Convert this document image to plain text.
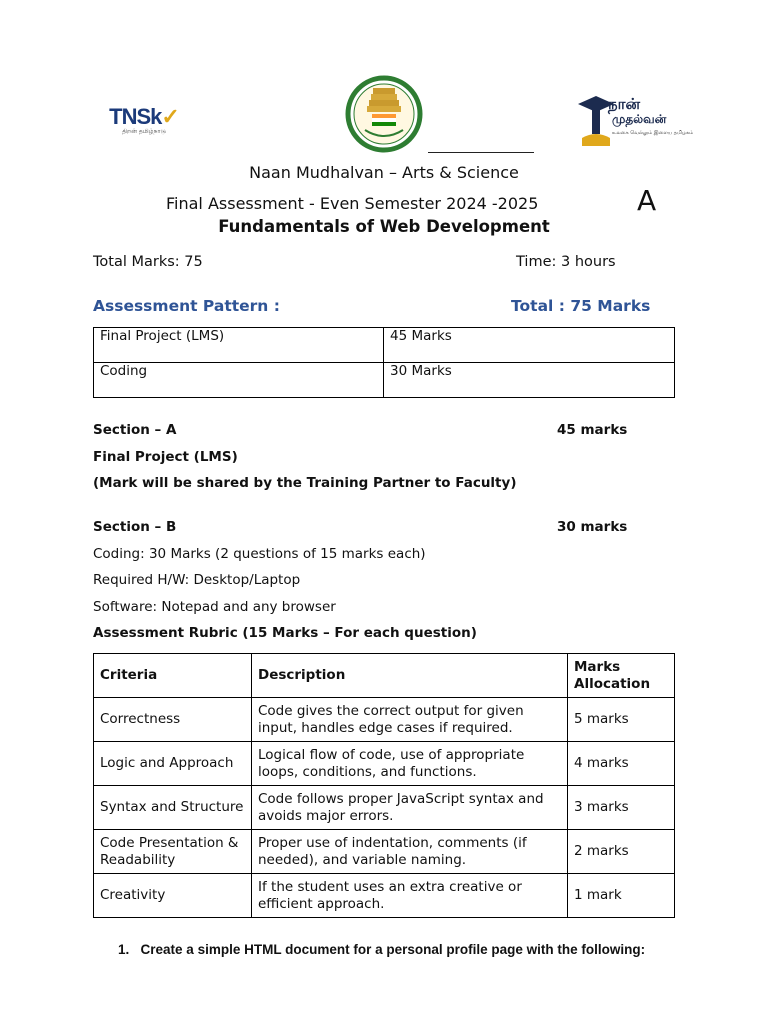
TNSk✓
திறன் தமிழ்நாடு
நான்
முதல்வன்
உலகை வெல்லும் இளைய தமிழகம்
Naan Mudhalvan – Arts & Science
Final Assessment - Even Semester 2024 -2025	A
Fundamentals of Web Development
Total Marks: 75	Time: 3 hours
Assessment Pattern :	Total : 75 Marks
Final Project (LMS)	45 Marks
Coding	30 Marks
Section – A	45 marks
Final Project (LMS)
(Mark will be shared by the Training Partner to Faculty)
Section – B	30 marks
Coding: 30 Marks (2 questions of 15 marks each)
Required H/W: Desktop/Laptop
Software: Notepad and any browser
Assessment Rubric (15 Marks – For each question)
Criteria	Description	Marks Allocation
Correctness	Code gives the correct output for given input, handles edge cases if required.	5 marks
Logic and Approach	Logical flow of code, use of appropriate loops, conditions, and functions.	4 marks
Syntax and Structure	Code follows proper JavaScript syntax and avoids major errors.	3 marks
Code Presentation & Readability	Proper use of indentation, comments (if needed), and variable naming.	2 marks
Creativity	If the student uses an extra creative or efficient approach.	1 mark
1. Create a simple HTML document for a personal profile page with the following:
